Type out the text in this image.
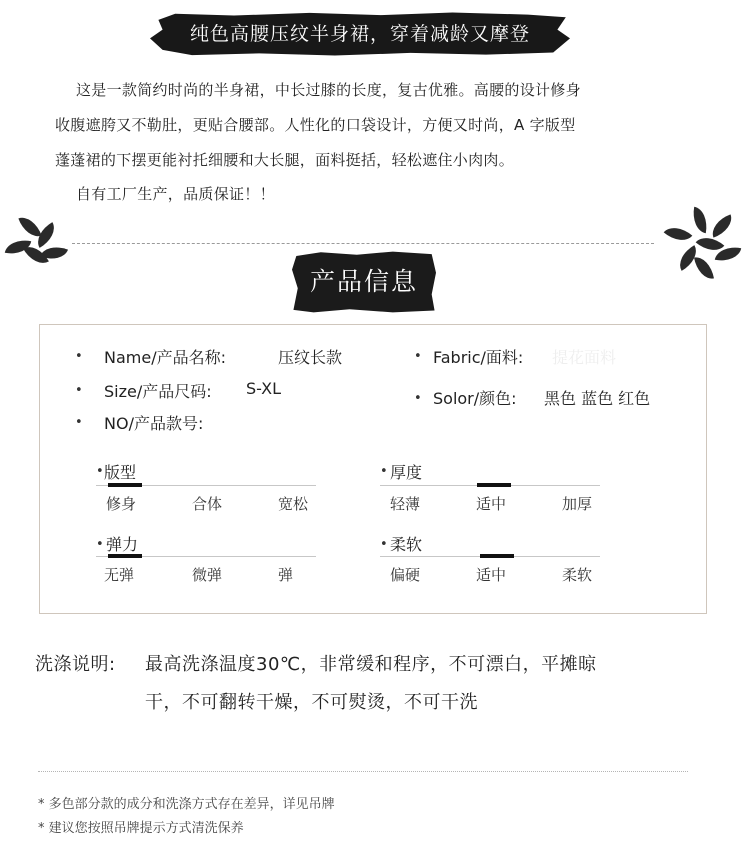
纯色高腰压纹半身裙，穿着减龄又摩登
这是一款简约时尚的半身裙，中长过膝的长度，复古优雅。高腰的设计修身
收腹遮胯又不勒肚，更贴合腰部。人性化的口袋设计，方便又时尚，A 字版型
蓬蓬裙的下摆更能衬托细腰和大长腿，面料挺括，轻松遮住小肉肉。
自有工厂生产，品质保证！！
产品信息
• Name/产品名称:	压纹长款
• Size/产品尺码: S-XL
• NO/产品款号:
• Fabric/面料: 提花面料
• Solor/颜色: 黑色 蓝色 红色
• 版型
修身	合体	宽松
• 厚度
轻薄	适中	加厚
• 弹力
无弹	微弹	弹
• 柔软
偏硬	适中	柔软
洗涤说明: 最高洗涤温度30℃，非常缓和程序，不可漂白，平摊晾
干，不可翻转干燥，不可熨烫，不可干洗
* 多色部分款的成分和洗涤方式存在差异，详见吊牌
* 建议您按照吊牌提示方式清洗保养
